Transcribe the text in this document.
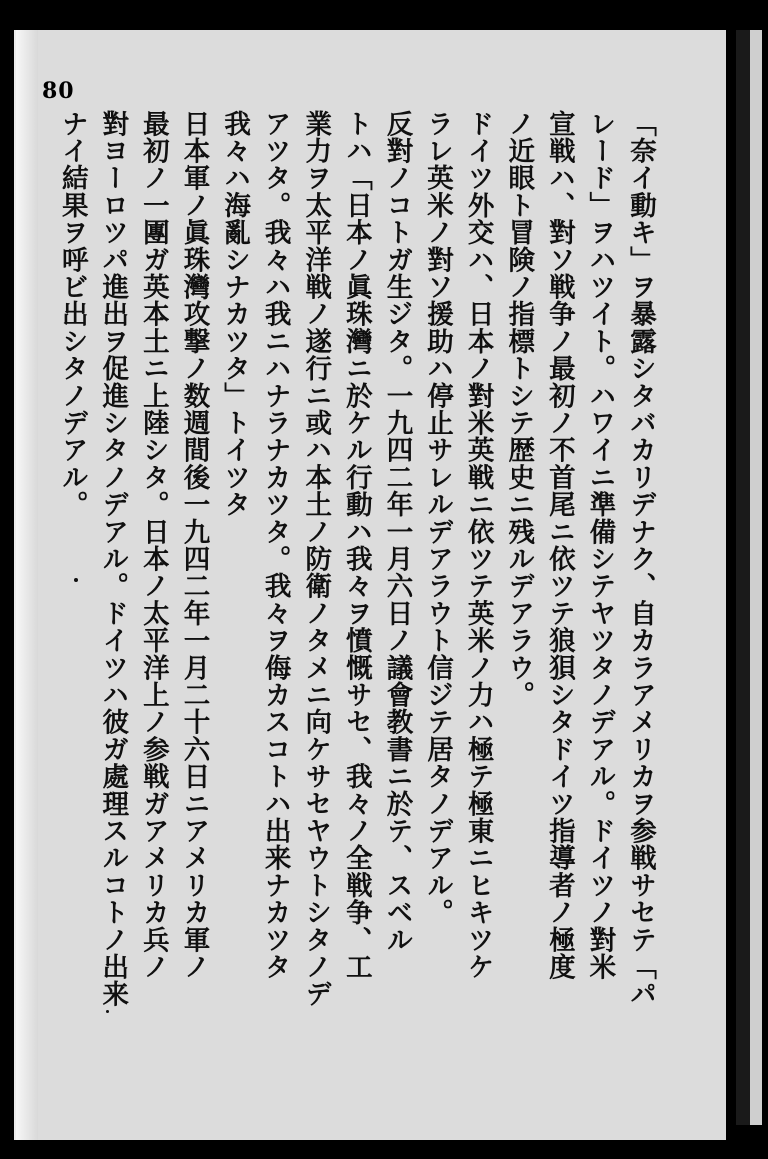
80
「奈イ動キ」ヲ暴露シタバカリデナク、自カラアメリカヲ参戦サセテ「パ
レード」ヲハツイト。ハワイニ準備シテヤツタノデアル。ドイツノ對米
宣戦ハ、對ソ戦争ノ最初ノ不首尾ニ依ツテ狼狽シタドイツ指導者ノ極度
ノ近眼ト冒険ノ指標トシテ歴史ニ残ルデアラウ。
ドイツ外交ハ、日本ノ對米英戦ニ依ツテ英米ノ力ハ極テ極東ニヒキツケ
ラレ英米ノ對ソ援助ハ停止サレルデアラウト信ジテ居タノデアル。
反對ノコトガ生ジタ。一九四二年一月六日ノ議會教書ニ於テ、スベル
トハ「日本ノ眞珠灣ニ於ケル行動ハ我々ヲ憤慨サセ、我々ノ全戦争、工
業力ヲ太平洋戦ノ遂行ニ或ハ本土ノ防衛ノタメニ向ケサセヤウトシタノデ
アツタ。我々ハ我ニハナラナカツタ。我々ヲ侮カスコトハ出来ナカツタ
我々ハ海亂シナカツタ」トイツタ
日本軍ノ眞珠灣攻撃ノ数週間後一九四二年一月二十六日ニアメリカ軍ノ
最初ノ一團ガ英本土ニ上陸シタ。日本ノ太平洋上ノ参戦ガアメリカ兵ノ
對ヨーロツパ進出ヲ促進シタノデアル。ドイツハ彼ガ處理スルコトノ出来
ナイ結果ヲ呼ビ出シタノデアル。
